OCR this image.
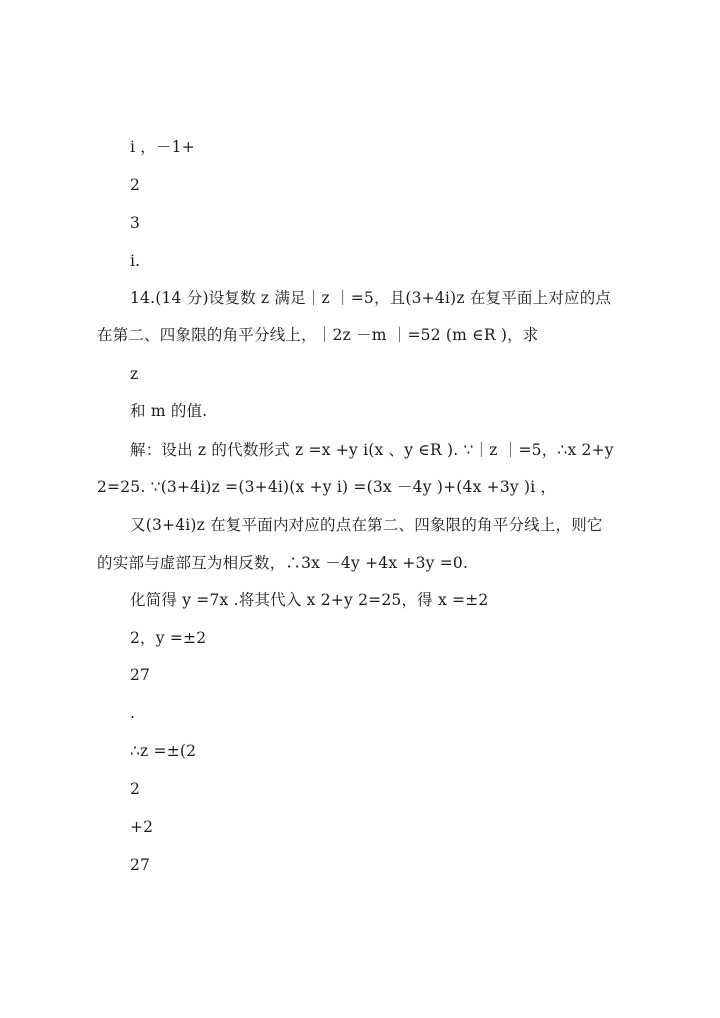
i ，－1+
2
3
i.
14.(14 分)设复数 z 满足｜z ｜=5，且(3+4i)z 在复平面上对应的点
在第二、四象限的角平分线上，｜2z －m ｜=52 (m ∈R )，求
z
和 m 的值.
解：设出 z 的代数形式 z =x +y i(x 、y ∈R ). ∵｜z ｜=5，∴x 2+y
2=25. ∵(3+4i)z =(3+4i)(x +y i) =(3x －4y )+(4x +3y )i ，
又(3+4i)z 在复平面内对应的点在第二、四象限的角平分线上，则它
的实部与虚部互为相反数，∴3x －4y +4x +3y =0.
化简得 y =7x .将其代入 x 2+y 2=25，得 x =±2
2，y =±2
27
.
∴z =±(2
2
+2
27
